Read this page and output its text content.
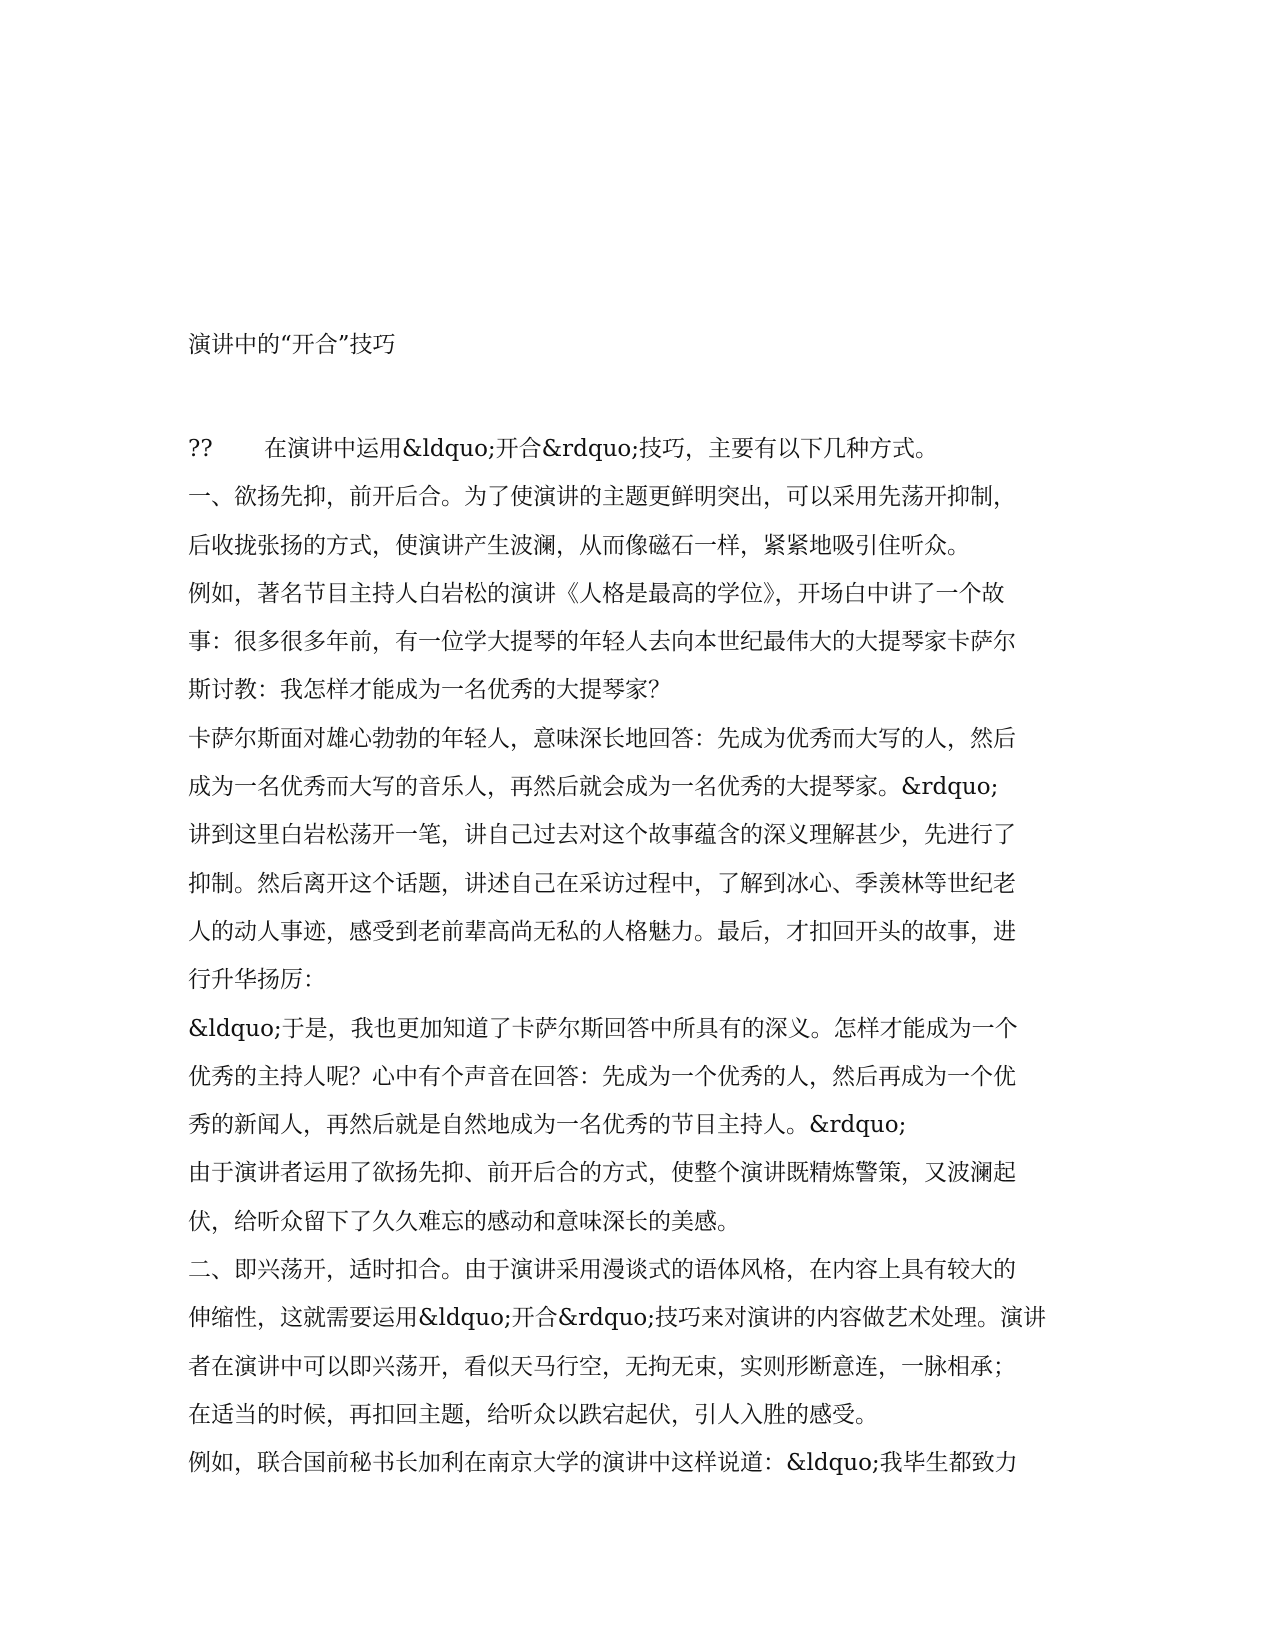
演讲中的“开合”技巧
?? 在演讲中运用&ldquo;开合&rdquo;技巧，主要有以下几种方式。
一、欲扬先抑，前开后合。为了使演讲的主题更鲜明突出，可以采用先荡开抑制，
后收拢张扬的方式，使演讲产生波澜，从而像磁石一样，紧紧地吸引住听众。
例如，著名节目主持人白岩松的演讲《人格是最高的学位》，开场白中讲了一个故
事：很多很多年前，有一位学大提琴的年轻人去向本世纪最伟大的大提琴家卡萨尔
斯讨教：我怎样才能成为一名优秀的大提琴家？
卡萨尔斯面对雄心勃勃的年轻人，意味深长地回答：先成为优秀而大写的人，然后
成为一名优秀而大写的音乐人，再然后就会成为一名优秀的大提琴家。&rdquo;
讲到这里白岩松荡开一笔，讲自己过去对这个故事蕴含的深义理解甚少，先进行了
抑制。然后离开这个话题，讲述自己在采访过程中，了解到冰心、季羡林等世纪老
人的动人事迹，感受到老前辈高尚无私的人格魅力。最后，才扣回开头的故事，进
行升华扬厉：
&ldquo;于是，我也更加知道了卡萨尔斯回答中所具有的深义。怎样才能成为一个
优秀的主持人呢？心中有个声音在回答：先成为一个优秀的人，然后再成为一个优
秀的新闻人，再然后就是自然地成为一名优秀的节目主持人。&rdquo;
由于演讲者运用了欲扬先抑、前开后合的方式，使整个演讲既精炼警策，又波澜起
伏，给听众留下了久久难忘的感动和意味深长的美感。
二、即兴荡开，适时扣合。由于演讲采用漫谈式的语体风格，在内容上具有较大的
伸缩性，这就需要运用&ldquo;开合&rdquo;技巧来对演讲的内容做艺术处理。演讲
者在演讲中可以即兴荡开，看似天马行空，无拘无束，实则形断意连，一脉相承；
在适当的时候，再扣回主题，给听众以跌宕起伏，引人入胜的感受。
例如，联合国前秘书长加利在南京大学的演讲中这样说道：&ldquo;我毕生都致力
